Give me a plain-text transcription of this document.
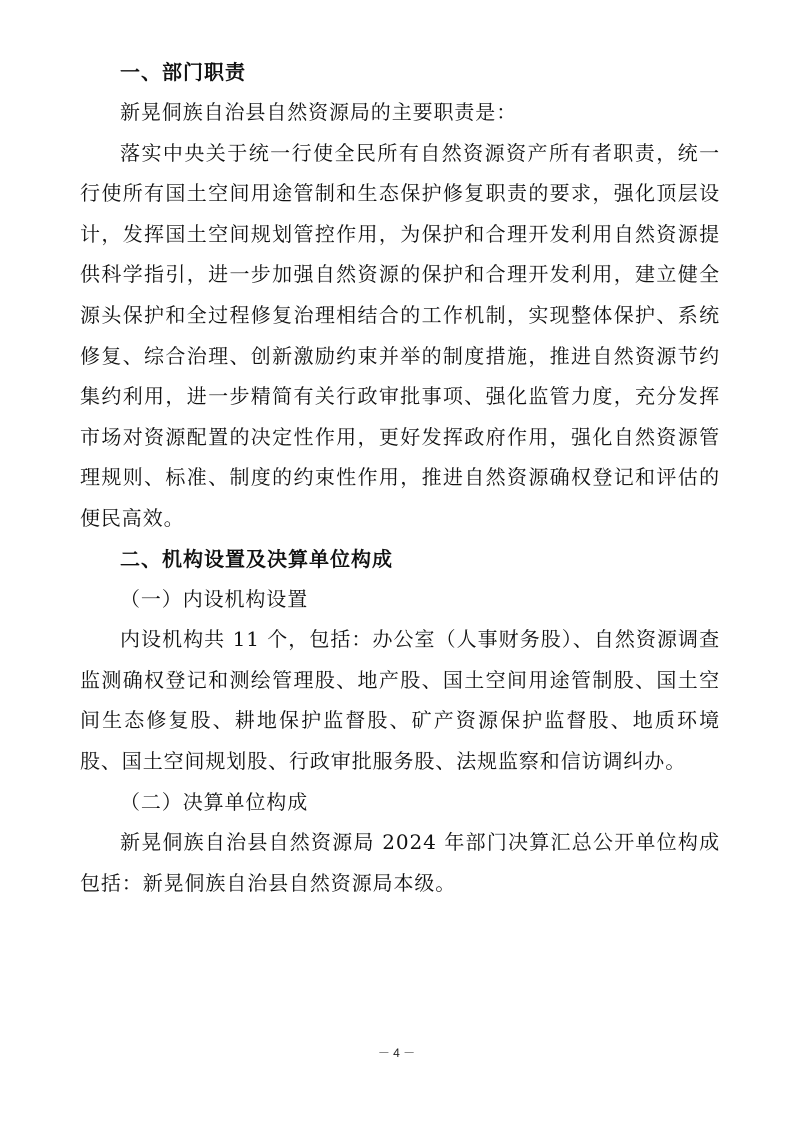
一、部门职责

新晃侗族自治县自然资源局的主要职责是：

落实中央关于统一行使全民所有自然资源资产所有者职责，统一行使所有国土空间用途管制和生态保护修复职责的要求，强化顶层设计，发挥国土空间规划管控作用，为保护和合理开发利用自然资源提供科学指引，进一步加强自然资源的保护和合理开发利用，建立健全源头保护和全过程修复治理相结合的工作机制，实现整体保护、系统修复、综合治理、创新激励约束并举的制度措施，推进自然资源节约集约利用，进一步精简有关行政审批事项、强化监管力度，充分发挥市场对资源配置的决定性作用，更好发挥政府作用，强化自然资源管理规则、标准、制度的约束性作用，推进自然资源确权登记和评估的便民高效。

二、机构设置及决算单位构成

（一）内设机构设置

内设机构共 11 个，包括：办公室（人事财务股）、自然资源调查监测确权登记和测绘管理股、地产股、国土空间用途管制股、国土空间生态修复股、耕地保护监督股、矿产资源保护监督股、地质环境股、国土空间规划股、行政审批服务股、法规监察和信访调纠办。

（二）决算单位构成

新晃侗族自治县自然资源局 2024 年部门决算汇总公开单位构成包括：新晃侗族自治县自然资源局本级。

－ 4 －
